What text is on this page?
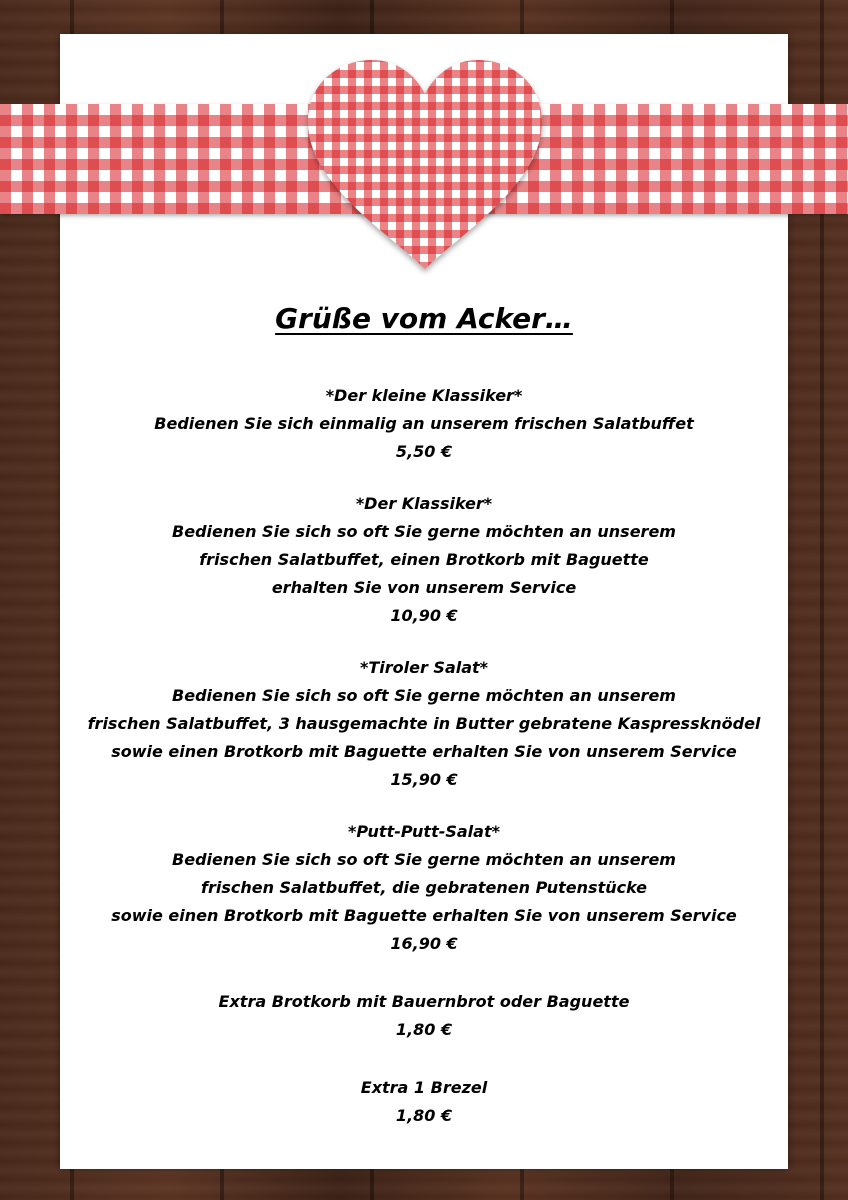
Grüße vom Acker…

*Der kleine Klassiker*

Bedienen Sie sich einmalig an unserem frischen Salatbuffet

5,50 €

*Der Klassiker*

Bedienen Sie sich so oft Sie gerne möchten an unserem

frischen Salatbuffet, einen Brotkorb mit Baguette

erhalten Sie von unserem Service

10,90 €

*Tiroler Salat*

Bedienen Sie sich so oft Sie gerne möchten an unserem

frischen Salatbuffet, 3 hausgemachte in Butter gebratene Kaspressknödel

sowie einen Brotkorb mit Baguette erhalten Sie von unserem Service

15,90 €

*Putt-Putt-Salat*

Bedienen Sie sich so oft Sie gerne möchten an unserem

frischen Salatbuffet, die gebratenen Putenstücke

sowie einen Brotkorb mit Baguette erhalten Sie von unserem Service

16,90 €

Extra Brotkorb mit Bauernbrot oder Baguette

1,80 €

Extra 1 Brezel

1,80 €
